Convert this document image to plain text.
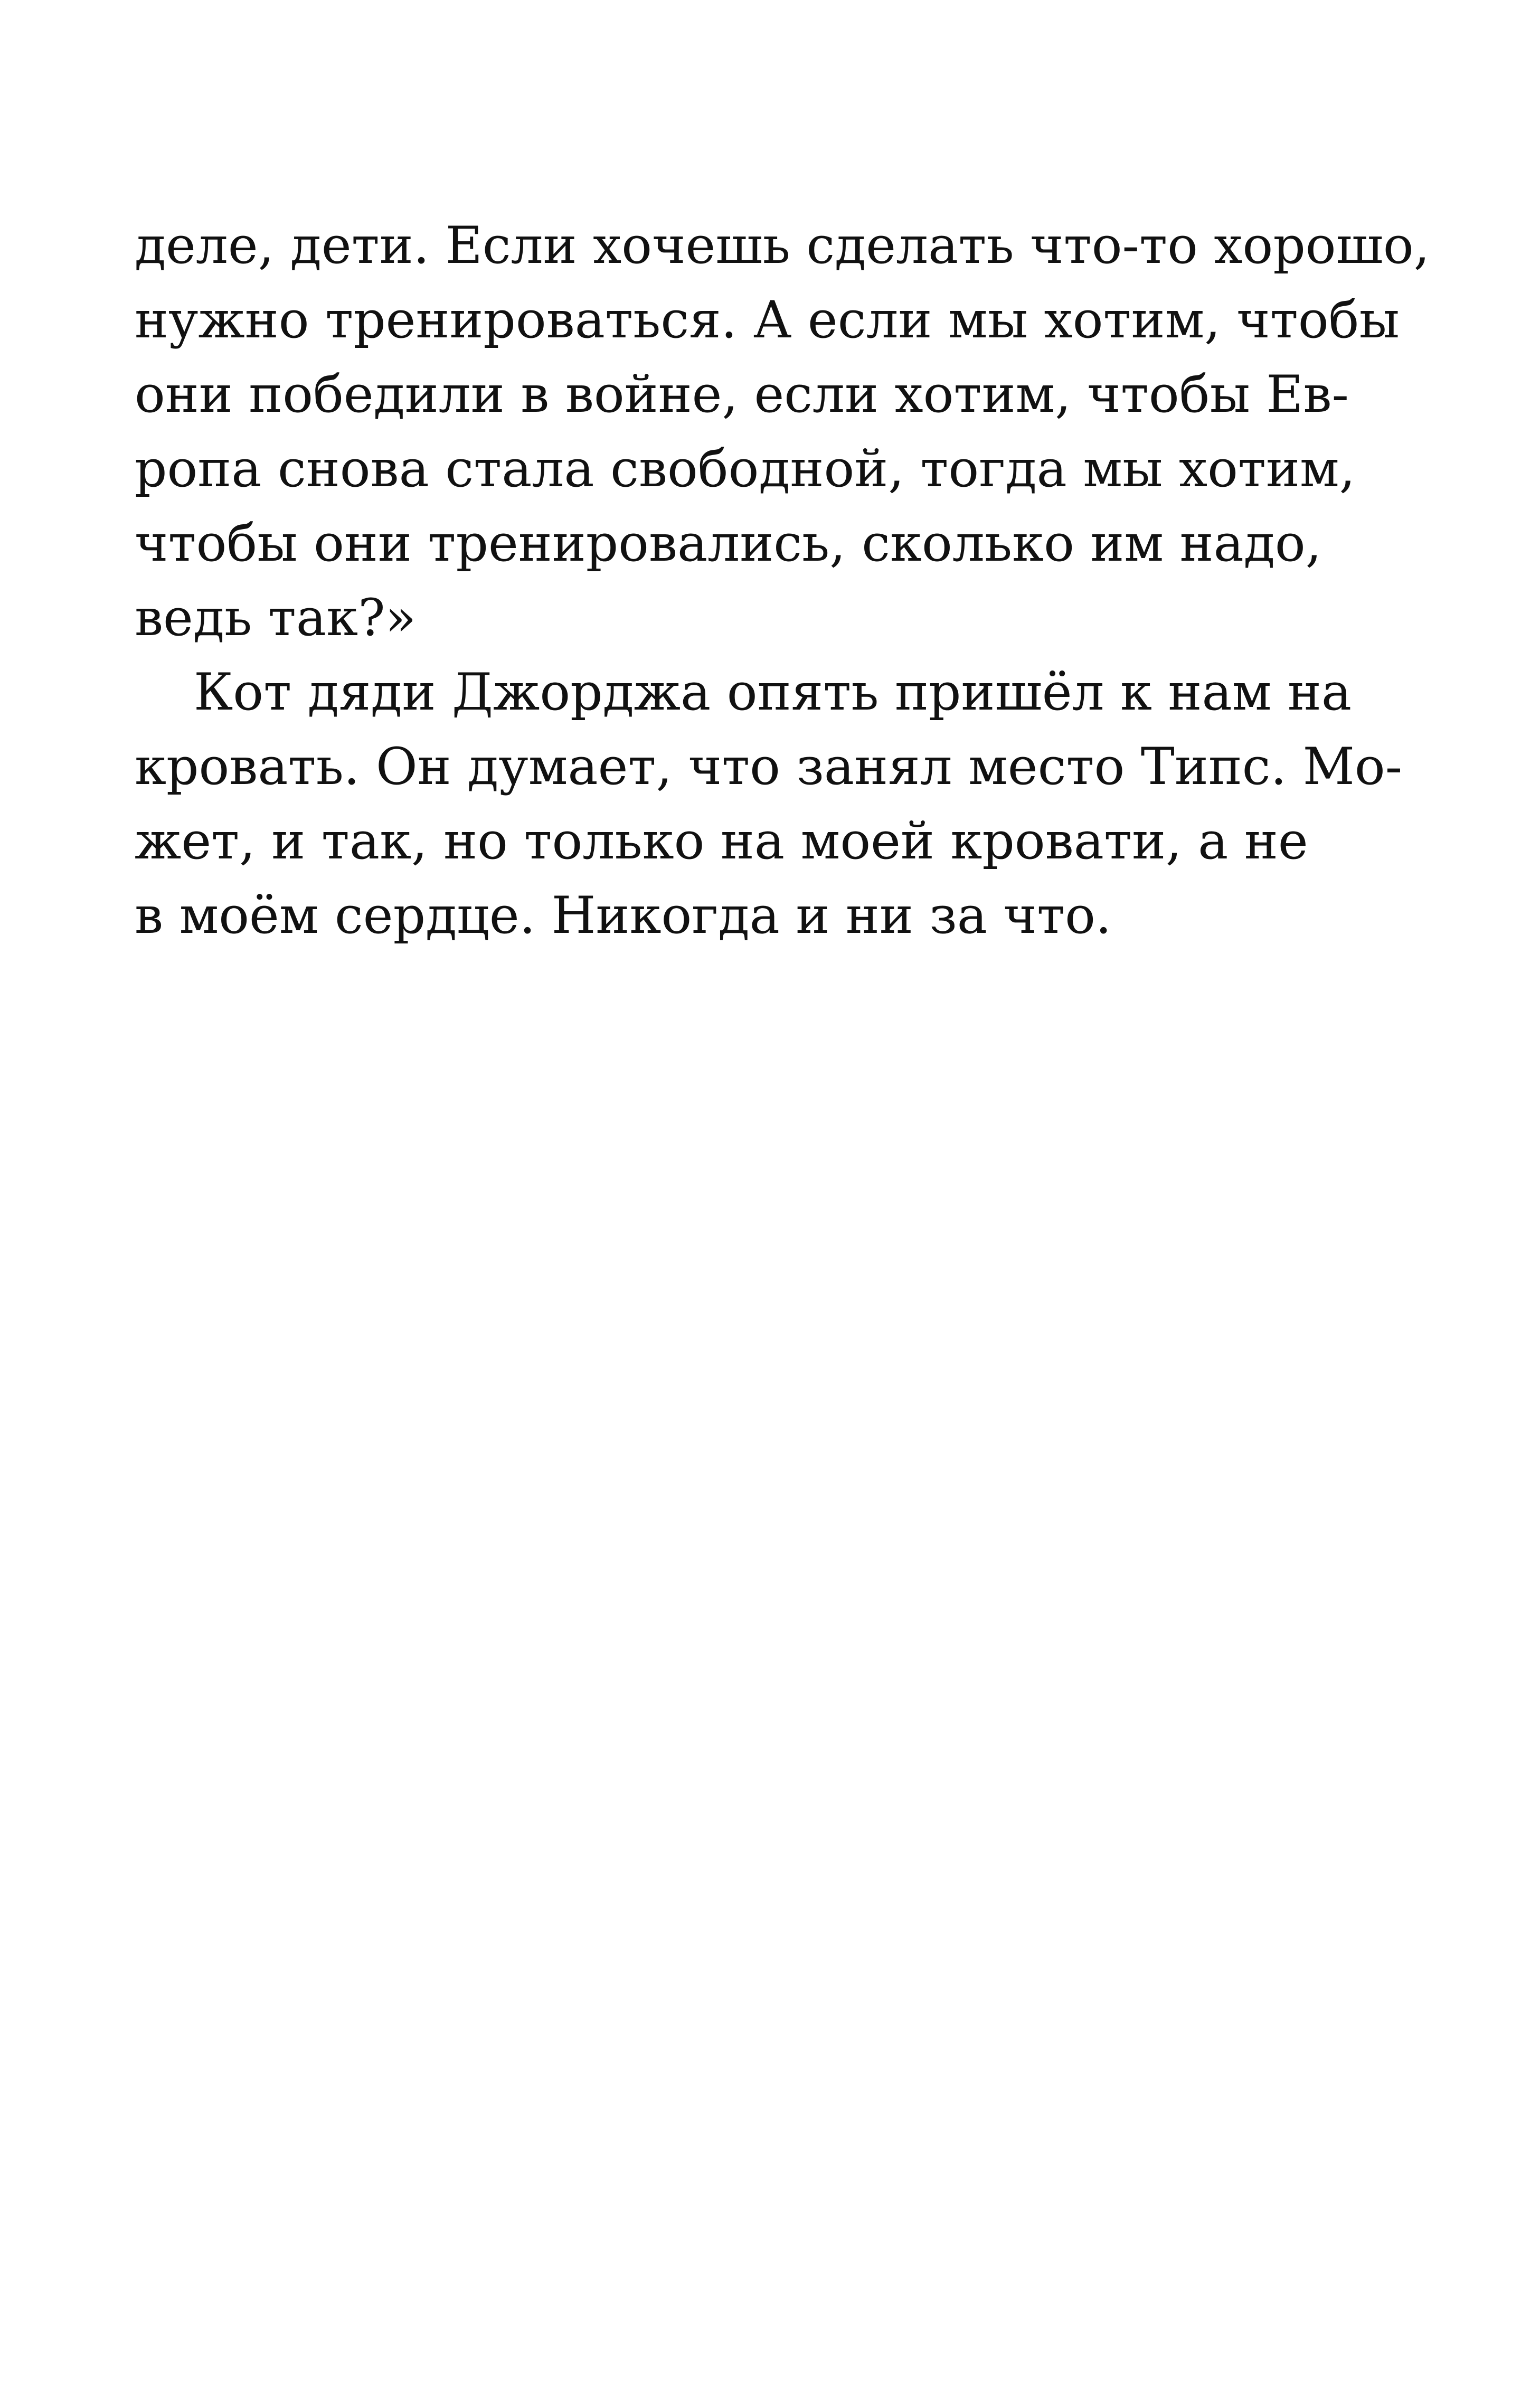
деле, дети. Если хочешь сделать что-то хорошо,
нужно тренироваться. А если мы хотим, чтобы
они победили в войне, если хотим, чтобы Ев-
ропа снова стала свободной, тогда мы хотим,
чтобы они тренировались, сколько им надо,
ведь так?»
Кот дяди Джорджа опять пришёл к нам на
кровать. Он думает, что занял место Типс. Мо-
жет, и так, но только на моей кровати, а не
в моём сердце. Никогда и ни за что.
